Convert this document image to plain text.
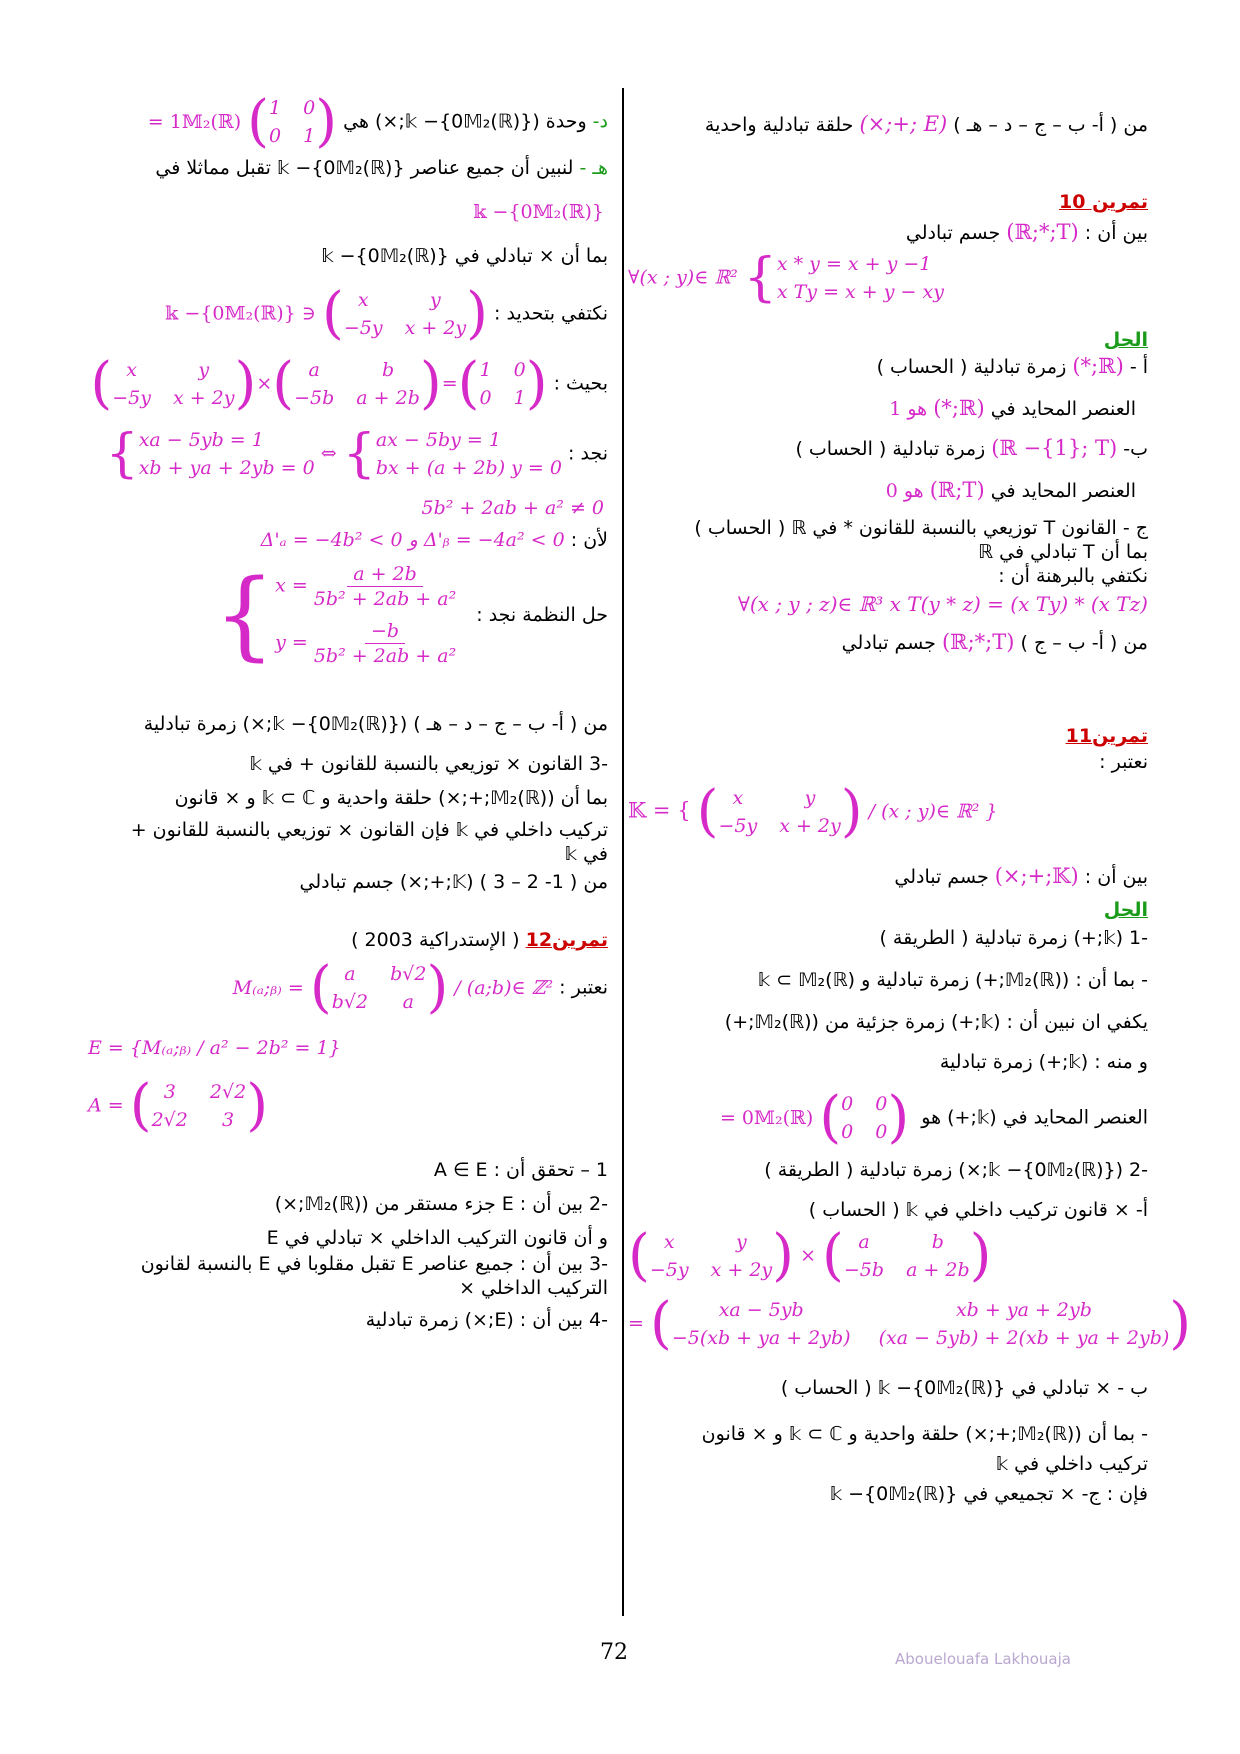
من ( أ- ب – ج – د – هـ ) (E ;+;×) حلقة تبادلية واحدية
تمرين 10
بين أن : (ℝ;*;T) جسم تبادلي
∀(x ; y)∈ ℝ² { x * y = x + y −1
x Ty = x + y − xy
الحل
أ - (ℝ;*) زمرة تبادلية ( الحساب )
العنصر المحايد في (ℝ;*) هو 1
ب- (ℝ −{1}; T) زمرة تبادلية ( الحساب )
العنصر المحايد في (ℝ;T) هو 0
ج - القانون T توزيعي بالنسبة للقانون * في ℝ ( الحساب )
بما أن T تبادلي في ℝ
نكتفي بالبرهنة أن :
∀(x ; y ; z)∈ ℝ³ x T(y * z) = (x Ty) * (x Tz)
من ( أ- ب – ج ) (ℝ;*;T) جسم تبادلي
تمرين11
نعتبر :
𝕂 = { ( x	y
−5y x + 2y ) / (x ; y)∈ ℝ² }
بين أن : (𝕂;+;×) جسم تبادلي
الحل
-1 (𝕜;+) زمرة تبادلية ( الطريقة )
- بما أن : (𝕄₂(ℝ);+) زمرة تبادلية و 𝕜 ⊂ 𝕄₂(ℝ)
يكفي ان نبين أن : (𝕜;+) زمرة جزئية من (𝕄₂(ℝ);+)
و منه : (𝕜;+) زمرة تبادلية
العنصر المحايد في (𝕜;+) هو
( 0 0
0 0 )
= 0𝕄₂(ℝ)
-2 (𝕜 −{0𝕄₂(ℝ)};×) زمرة تبادلية ( الطريقة )
أ- × قانون تركيب داخلي في 𝕜 ( الحساب )
( x	y
−5y x + 2y ) × ( a	b
−5b a + 2b )
= (	xa − 5yb	xb + ya + 2yb
−5(xb + ya + 2yb) (xa − 5yb) + 2(xb + ya + 2yb) )
ب - × تبادلي في 𝕜 −{0𝕄₂(ℝ)} ( الحساب )
- بما أن (𝕄₂(ℝ);+;×) حلقة واحدية و 𝕜 ⊂ ℂ و × قانون
تركيب داخلي في 𝕜
فإن : ج- × تجميعي في 𝕜 −{0𝕄₂(ℝ)}
د- وحدة (𝕜 −{0𝕄₂(ℝ)};×) هي
( 1 0
0 1 )
= 1𝕄₂(ℝ)
هـ - لنبين أن جميع عناصر 𝕜 −{0𝕄₂(ℝ)} تقبل مماثلا في
𝕜 −{0𝕄₂(ℝ)}
بما أن × تبادلي في 𝕜 −{0𝕄₂(ℝ)}
نكتفي بتحديد :
( x	y
−5y x + 2y )
∈ 𝕜 −{0𝕄₂(ℝ)}
بحيث :
( x	y
−5y x + 2y ) × ( a	b
−5b a + 2b ) = ( 1 0
0 1 )
نجد :
{ xa − 5yb = 1
xb + ya + 2yb = 0
⇔ { ax − 5by = 1
bx + (a + 2b) y = 0
5b² + 2ab + a² ≠ 0
لأن : Δ'ₐ = −4b² < 0 و Δ'ᵦ = −4a² < 0
حل النظمة نجد :
{ $x = \frac{a + 2b}{\text{5b² + 2ab + a²}}$
$y = \frac{-b}{\text{5b² + 2ab + a²}}$
من ( أ- ب – ج – د – هـ ) (𝕜 −{0𝕄₂(ℝ)};×) زمرة تبادلية
-3 القانون × توزيعي بالنسبة للقانون + في 𝕜
بما أن (𝕄₂(ℝ);+;×) حلقة واحدية و 𝕜 ⊂ ℂ و × قانون
تركيب داخلي في 𝕜 فإن القانون × توزيعي بالنسبة للقانون +
في 𝕜
من ( 1- 2 – 3 ) (𝕂;+;×) جسم تبادلي
تمرين12 ( الإستدراكية 2003 )
نعتبر : / (a;b)∈ ℤ²
( a	b√2
b√2	a )
M₍ₐ;ᵦ₎ =
E = {M₍ₐ;ᵦ₎ / a² − 2b² = 1}
A = ( 3	2√2
2√2	3 )
1 – تحقق أن : A ∈ E
-2 بين أن : E جزء مستقر من (𝕄₂(ℝ);×)
و أن قانون التركيب الداخلي × تبادلي في E
-3 بين أن : جميع عناصر E تقبل مقلوبا في E بالنسبة لقانون
التركيب الداخلي ×
-4 بين أن : (E;×) زمرة تبادلية
72	Abouelouafa Lakhouaja
